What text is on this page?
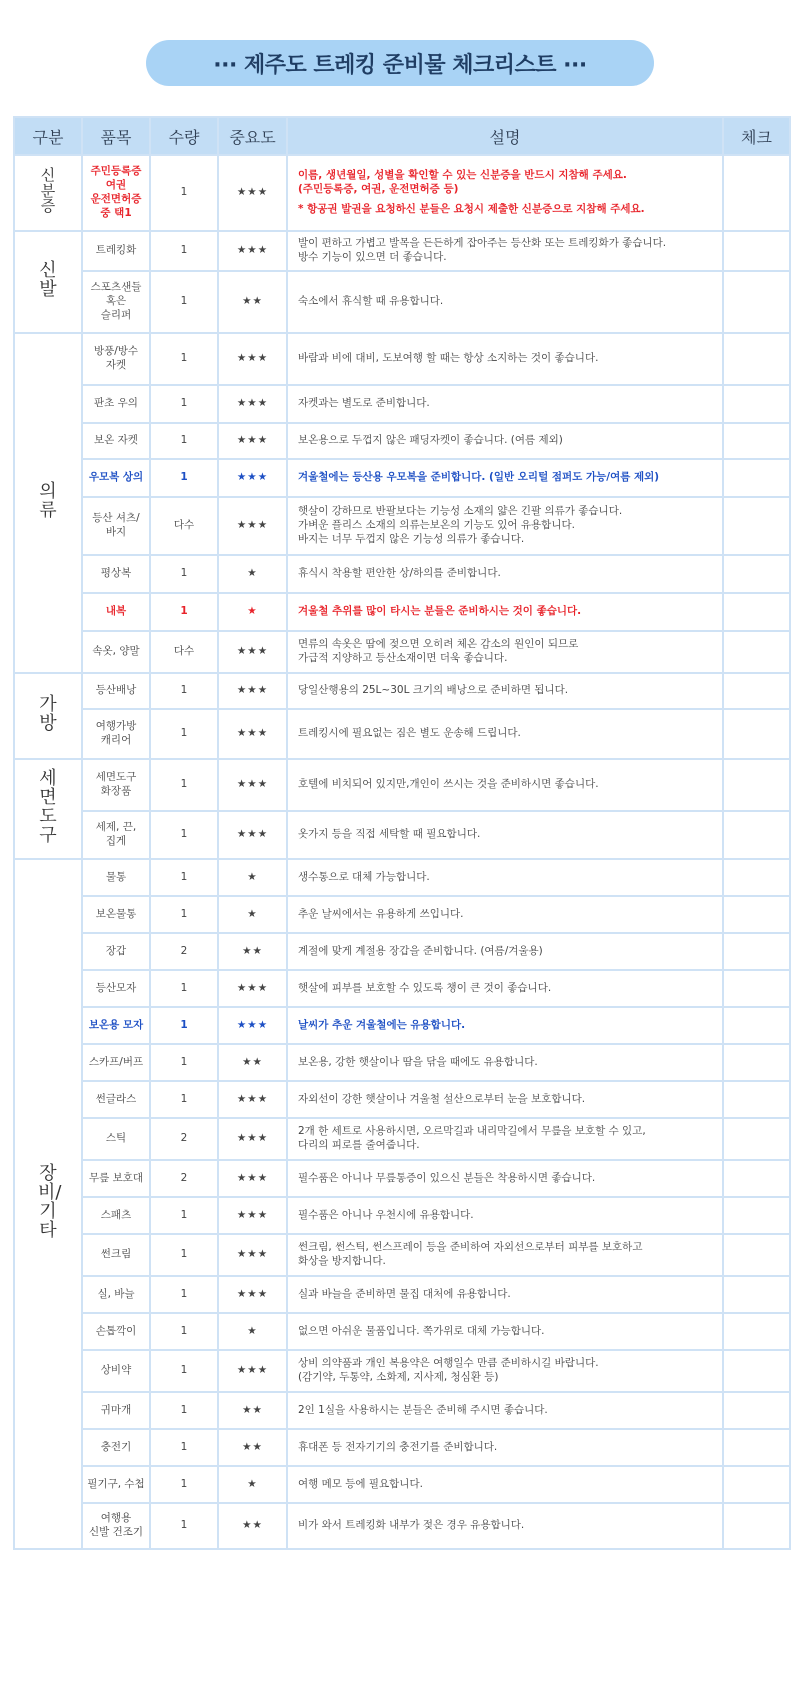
··· 제주도 트레킹 준비물 체크리스트 ···
구분	품목	수량	중요도	설명	체크
신분증	주민등록증
여권
운전면허증
중 택1	1	★★★	이름, 생년월일, 성별을 확인할 수 있는 신분증을 반드시 지참해 주세요.
(주민등록증, 여권, 운전면허증 등)
* 항공권 발권을 요청하신 분들은 요청시 제출한 신분증으로 지참해 주세요.	

신발	트레킹화	1	★★★	발이 편하고 가볍고 발목을 든든하게 잡아주는 등산화 또는 트레킹화가 좋습니다.
방수 기능이 있으면 더 좋습니다.	

	스포츠샌들
혹은
슬리퍼	1	★★	숙소에서 휴식할 때 유용합니다.	

의류	방풍/방수
자켓	1	★★★	바람과 비에 대비, 도보여행 할 때는 항상 소지하는 것이 좋습니다.	

	판초 우의	1	★★★	자켓과는 별도로 준비합니다.	

	보온 자켓	1	★★★	보온용으로 두껍지 않은 패딩자켓이 좋습니다. (여름 제외)	

	우모복 상의	1	★★★	겨울철에는 등산용 우모복을 준비합니다. (일반 오리털 점퍼도 가능/여름 제외)	

	등산 셔츠/
바지	다수	★★★	햇살이 강하므로 반팔보다는 기능성 소재의 얇은 긴팔 의류가 좋습니다.
가벼운 플리스 소재의 의류는보온의 기능도 있어 유용합니다.
바지는 너무 두껍지 않은 기능성 의류가 좋습니다.	

	평상복	1	★	휴식시 착용할 편안한 상/하의를 준비합니다.	

	내복	1	★	겨울철 추위를 많이 타시는 분들은 준비하시는 것이 좋습니다.	

	속옷, 양말	다수	★★★	면류의 속옷은 땀에 젖으면 오히려 체온 감소의 원인이 되므로
가급적 지양하고 등산소재이면 더욱 좋습니다.	

가방	등산배낭	1	★★★	당일산행용의 25L~30L 크기의 배낭으로 준비하면 됩니다.	

	여행가방
캐리어	1	★★★	트레킹시에 필요없는 짐은 별도 운송해 드립니다.	

세면도구	세면도구
화장품	1	★★★	호텔에 비치되어 있지만,개인이 쓰시는 것을 준비하시면 좋습니다.	

	세제, 끈,
집게	1	★★★	옷가지 등을 직접 세탁할 때 필요합니다.	

장비/기타	물통	1	★	생수통으로 대체 가능합니다.	

	보온물통	1	★	추운 날씨에서는 유용하게 쓰입니다.	

	장갑	2	★★	계절에 맞게 계절용 장갑을 준비합니다. (여름/겨울용)	

	등산모자	1	★★★	햇살에 피부를 보호할 수 있도록 챙이 큰 것이 좋습니다.	

	보온용 모자	1	★★★	날씨가 추운 겨울철에는 유용합니다.	

	스카프/버프	1	★★	보온용, 강한 햇살이나 땀을 닦을 때에도 유용합니다.	

	썬글라스	1	★★★	자외선이 강한 햇살이나 겨울철 설산으로부터 눈을 보호합니다.	

	스틱	2	★★★	2개 한 세트로 사용하시면, 오르막길과 내리막길에서 무릎을 보호할 수 있고,
다리의 피로를 줄여줍니다.	

	무릎 보호대	2	★★★	필수품은 아니나 무릎통증이 있으신 분들은 착용하시면 좋습니다.	

	스패츠	1	★★★	필수품은 아니나 우천시에 유용합니다.	

	썬크림	1	★★★	썬크림, 썬스틱, 썬스프레이 등을 준비하여 자외선으로부터 피부를 보호하고
화상을 방지합니다.	

	실, 바늘	1	★★★	실과 바늘을 준비하면 물집 대처에 유용합니다.	

	손톱깍이	1	★	없으면 아쉬운 물품입니다. 쪽가위로 대체 가능합니다.	

	상비약	1	★★★	상비 의약품과 개인 복용약은 여행일수 만큼 준비하시길 바랍니다.
(감기약, 두통약, 소화제, 지사제, 청심환 등)	

	귀마개	1	★★	2인 1실을 사용하시는 분들은 준비해 주시면 좋습니다.	

	충전기	1	★★	휴대폰 등 전자기기의 충전기를 준비합니다.	

	필기구, 수첩	1	★	여행 메모 등에 필요합니다.	

	여행용
신발 건조기	1	★★	비가 와서 트레킹화 내부가 젖은 경우 유용합니다.	
